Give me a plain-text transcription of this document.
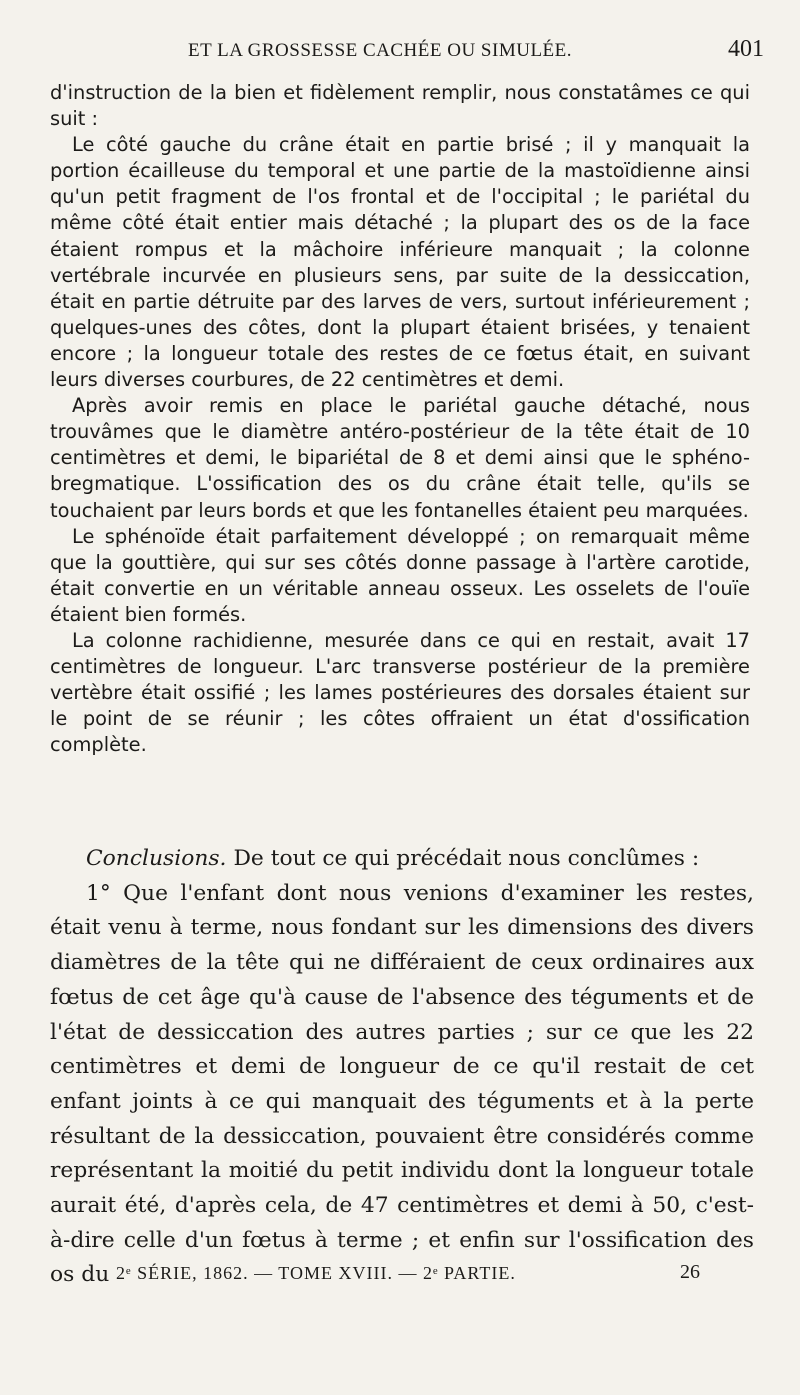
ET LA GROSSESSE CACHÉE OU SIMULÉE.	401

d'instruction de la bien et fidèlement remplir, nous constatâmes ce qui suit :

Le côté gauche du crâne était en partie brisé ; il y manquait la portion écailleuse du temporal et une partie de la mastoïdienne ainsi qu'un petit fragment de l'os frontal et de l'occipital ; le pariétal du même côté était entier mais détaché ; la plupart des os de la face étaient rompus et la mâchoire inférieure manquait ; la colonne vertébrale incurvée en plusieurs sens, par suite de la dessiccation, était en partie détruite par des larves de vers, surtout inférieurement ; quelques-unes des côtes, dont la plupart étaient brisées, y tenaient encore ; la longueur totale des restes de ce fœtus était, en suivant leurs diverses courbures, de 22 centimètres et demi.

Après avoir remis en place le pariétal gauche détaché, nous trouvâmes que le diamètre antéro-postérieur de la tête était de 10 centimètres et demi, le bipariétal de 8 et demi ainsi que le sphéno-bregmatique. L'ossification des os du crâne était telle, qu'ils se touchaient par leurs bords et que les fontanelles étaient peu marquées.

Le sphénoïde était parfaitement développé ; on remarquait même que la gouttière, qui sur ses côtés donne passage à l'artère carotide, était convertie en un véritable anneau osseux. Les osselets de l'ouïe étaient bien formés.

La colonne rachidienne, mesurée dans ce qui en restait, avait 17 centimètres de longueur. L'arc transverse postérieur de la première vertèbre était ossifié ; les lames postérieures des dorsales étaient sur le point de se réunir ; les côtes offraient un état d'ossification complète.

Conclusions. De tout ce qui précédait nous conclûmes :

1° Que l'enfant dont nous venions d'examiner les restes, était venu à terme, nous fondant sur les dimensions des divers diamètres de la tête qui ne différaient de ceux ordinaires aux fœtus de cet âge qu'à cause de l'absence des téguments et de l'état de dessiccation des autres parties ; sur ce que les 22 centimètres et demi de longueur de ce qu'il restait de cet enfant joints à ce qui manquait des téguments et à la perte résultant de la dessiccation, pouvaient être considérés comme représentant la moitié du petit individu dont la longueur totale aurait été, d'après cela, de 47 centimètres et demi à 50, c'est-à-dire celle d'un fœtus à terme ; et enfin sur l'ossification des os du 2ᵉ SÉRIE, 1862. — TOME XVIII. — 2ᵉ PARTIE.	26
